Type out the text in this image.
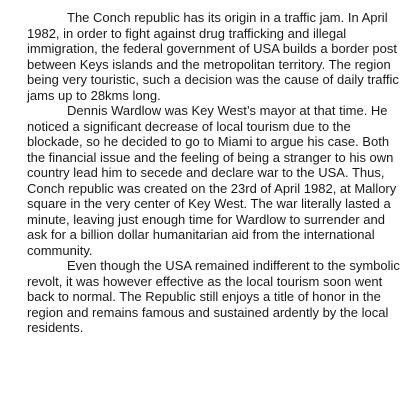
The Conch republic has its origin in a traffic jam. In April 1982, in order to fight against drug trafficking and illegal immigration, the federal government of USA builds a border post between Keys islands and the metropolitan territory. The region being very touristic, such a decision was the cause of daily traffic jams up to 28kms long.

Dennis Wardlow was Key West’s mayor at that time. He noticed a significant decrease of local tourism due to the blockade, so he decided to go to Miami to argue his case. Both the financial issue and the feeling of being a stranger to his own country lead him to secede and declare war to the USA. Thus, Conch republic was created on the 23rd of April 1982, at Mallory square in the very center of Key West. The war literally lasted a minute, leaving just enough time for Wardlow to surrender and ask for a billion dollar humanitarian aid from the international community.

Even though the USA remained indifferent to the symbolic revolt, it was however effective as the local tourism soon went back to normal. The Republic still enjoys a title of honor in the region and remains famous and sustained ardently by the local residents.
